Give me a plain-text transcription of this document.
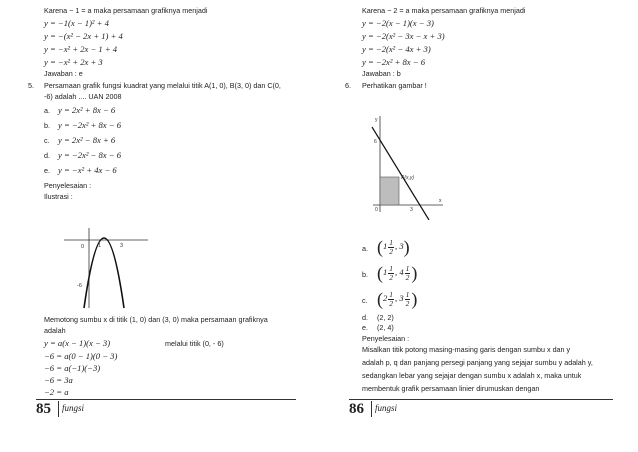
Karena − 1 = a maka persamaan grafiknya menjadi
y = −1(x − 1)² + 4
y = −(x² − 2x + 1) + 4
y = −x² + 2x − 1 + 4
y = −x² + 2x + 3
Jawaban : e
5. Persamaan grafik fungsi kuadrat yang melalui titik A(1, 0), B(3, 0) dan C(0,
-6) adalah .... UAN 2008
a. y = 2x² + 8x − 6
b. y = −2x² + 8x − 6
c. y = 2x² − 8x + 6
d. y = −2x² − 8x − 6
e. y = −x² + 4x − 6
Penyelesaian :
Ilustrasi :
0	1	3
-6
Memotong sumbu x di titik (1, 0) dan (3, 0) maka persamaan grafiknya
adalah
y = a(x − 1)(x − 3)	melalui titik (0, - 6)
−6 = a(0 − 1)(0 − 3)
−6 = a(−1)(−3)
−6 = 3a
−2 = a
85 fungsi
Karena − 2 = a maka persamaan grafiknya menjadi
y = −2(x − 1)(x − 3)
y = −2(x² − 3x − x + 3)
y = −2(x² − 4x + 3)
y = −2x² + 8x − 6
Jawaban : b
6. Perhatikan gambar !
y
x
6
0	3
A(x,y)
a. ($1 \frac{1}{2}$ , 3)
b. ($1 \frac{1}{2}$ , $4 \frac{1}{2}$ )
c. ($2 \frac{1}{2}$ , $3 \frac{1}{2}$ )
d. (2, 2)
e. (2, 4)
Penyelesaian :
Misalkan titik potong masing-masing garis dengan sumbu x dan y
adalah p, q dan panjang persegi panjang yang sejajar sumbu y adalah y,
sedangkan lebar yang sejajar dengan sumbu x adalah x, maka untuk
membentuk grafik persamaan linier dirumuskan dengan
86 fungsi
